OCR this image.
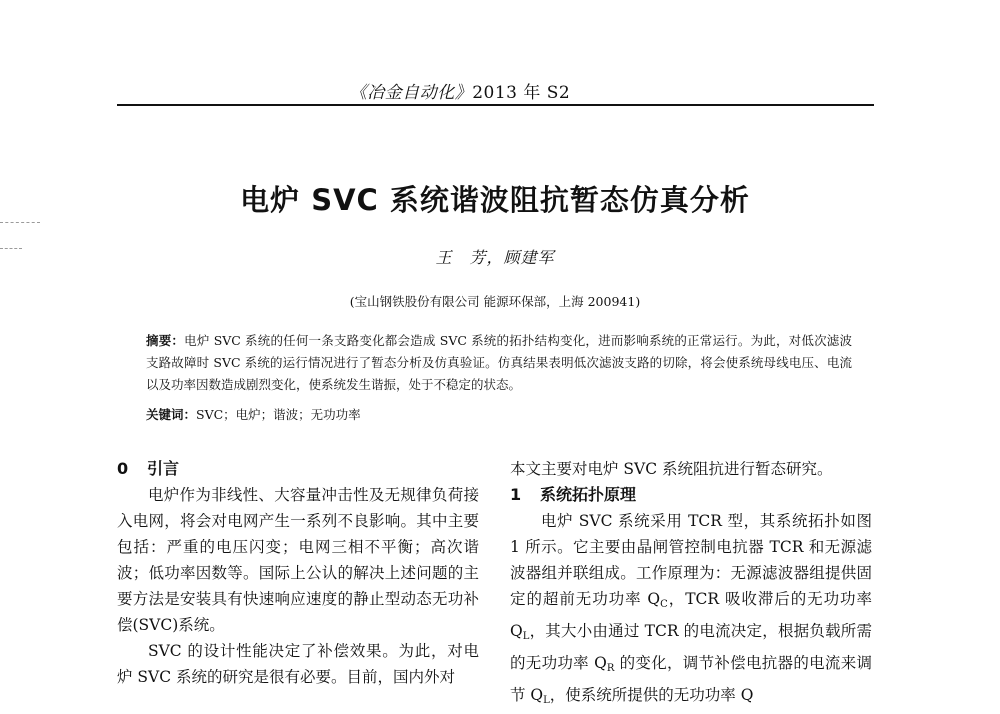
《冶金自动化》2013 年 S2
电炉 SVC 系统谐波阻抗暂态仿真分析
王　芳，顾建军
(宝山钢铁股份有限公司 能源环保部，上海 200941)
摘要：电炉 SVC 系统的任何一条支路变化都会造成 SVC 系统的拓扑结构变化，进而影响系统的正常运行。为此，对低次滤波支路故障时 SVC 系统的运行情况进行了暂态分析及仿真验证。仿真结果表明低次滤波支路的切除，将会使系统母线电压、电流以及功率因数造成剧烈变化，使系统发生谐振，处于不稳定的状态。
关键词：SVC；电炉；谐波；无功功率
0 引言

电炉作为非线性、大容量冲击性及无规律负荷接入电网，将会对电网产生一系列不良影响。其中主要包括：严重的电压闪变；电网三相不平衡；高次谐波；低功率因数等。国际上公认的解决上述问题的主要方法是安装具有快速响应速度的静止型动态无功补偿(SVC)系统。

SVC 的设计性能决定了补偿效果。为此，对电炉 SVC 系统的研究是很有必要。目前，国内外对

本文主要对电炉 SVC 系统阻抗进行暂态研究。

1 系统拓扑原理

电炉 SVC 系统采用 TCR 型，其系统拓扑如图 1 所示。它主要由晶闸管控制电抗器 TCR 和无源滤波器组并联组成。工作原理为：无源滤波器组提供固定的超前无功功率 $Q_C$，TCR 吸收滞后的无功功率 $Q_L$，其大小由通过 TCR 的电流决定，根据负载所需的无功功率 $Q_R$ 的变化，调节补偿电抗器的电流来调节 $Q_L$，使系统所提供的无功功率 Q
